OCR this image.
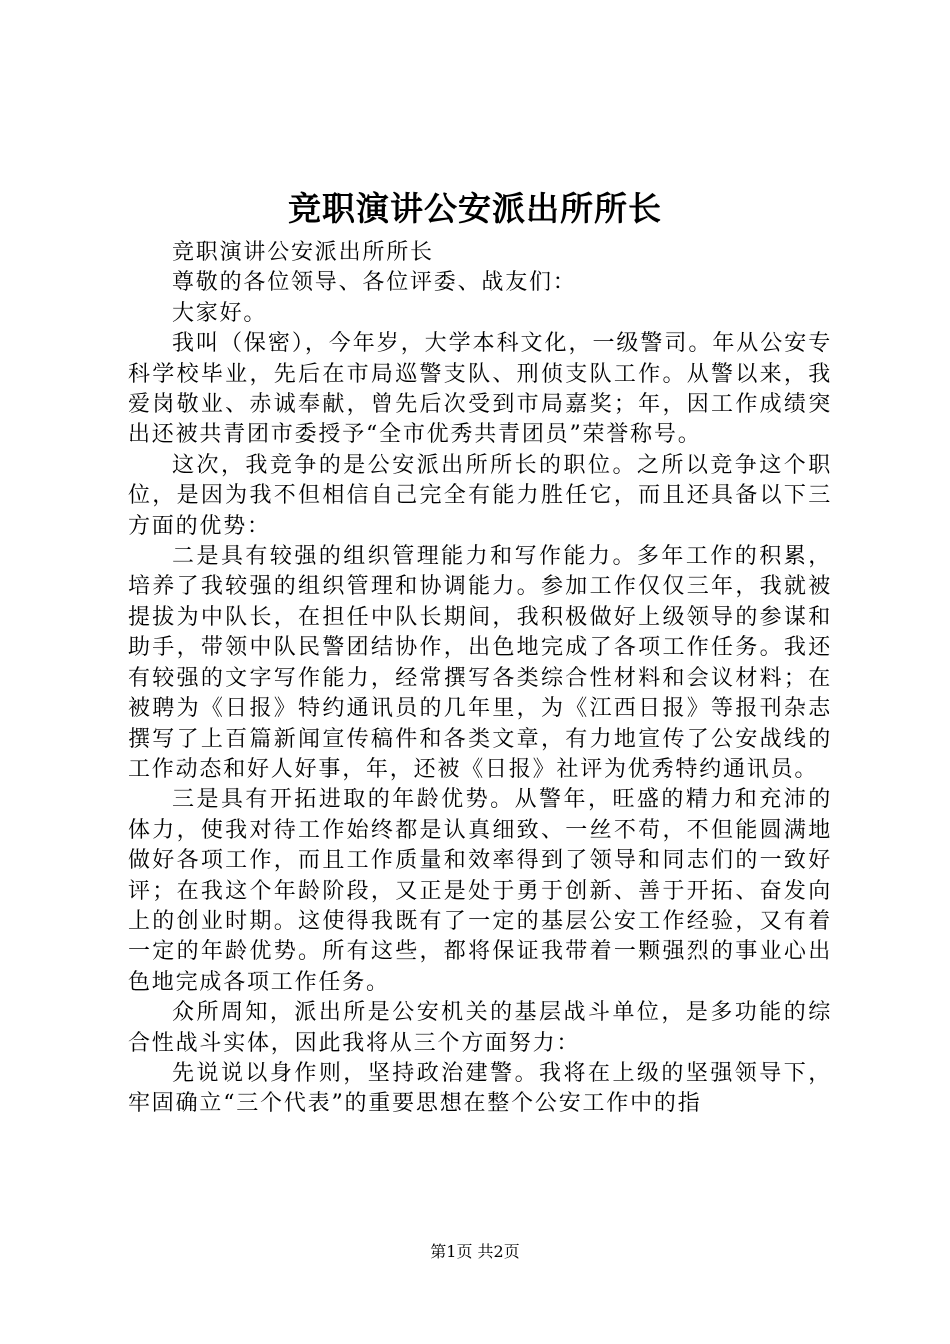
竞职演讲公安派出所所长

竞职演讲公安派出所所长

尊敬的各位领导、各位评委、战友们：

大家好。

我叫（保密），今年岁，大学本科文化，一级警司。年从公安专科学校毕业，先后在市局巡警支队、刑侦支队工作。从警以来，我爱岗敬业、赤诚奉献，曾先后次受到市局嘉奖；年，因工作成绩突出还被共青团市委授予“全市优秀共青团员”荣誉称号。

这次，我竞争的是公安派出所所长的职位。之所以竞争这个职位，是因为我不但相信自己完全有能力胜任它，而且还具备以下三方面的优势：

二是具有较强的组织管理能力和写作能力。多年工作的积累，培养了我较强的组织管理和协调能力。参加工作仅仅三年，我就被提拔为中队长，在担任中队长期间，我积极做好上级领导的参谋和助手，带领中队民警团结协作，出色地完成了各项工作任务。我还有较强的文字写作能力，经常撰写各类综合性材料和会议材料；在被聘为《日报》特约通讯员的几年里，为《江西日报》等报刊杂志撰写了上百篇新闻宣传稿件和各类文章，有力地宣传了公安战线的工作动态和好人好事，年，还被《日报》社评为优秀特约通讯员。

三是具有开拓进取的年龄优势。从警年，旺盛的精力和充沛的体力，使我对待工作始终都是认真细致、一丝不苟，不但能圆满地做好各项工作，而且工作质量和效率得到了领导和同志们的一致好评；在我这个年龄阶段，又正是处于勇于创新、善于开拓、奋发向上的创业时期。这使得我既有了一定的基层公安工作经验，又有着一定的年龄优势。所有这些，都将保证我带着一颗强烈的事业心出色地完成各项工作任务。

众所周知，派出所是公安机关的基层战斗单位，是多功能的综合性战斗实体，因此我将从三个方面努力：

先说说以身作则，坚持政治建警。我将在上级的坚强领导下，牢固确立“三个代表”的重要思想在整个公安工作中的指

第1页 共2页
